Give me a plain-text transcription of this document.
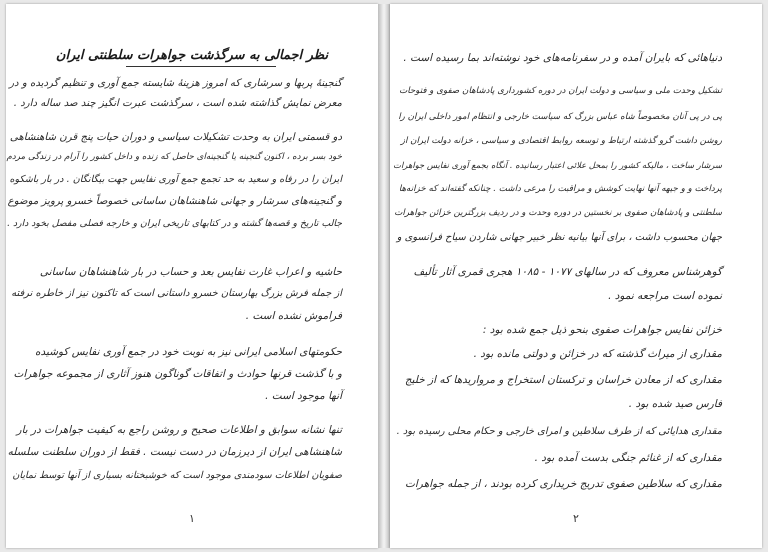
نظر اجمالی به سرگذشت جواهرات سلطنتی ایران
گنجینهٔ پربها و سرشاری که امروز هزینهٔ شایسته جمع آوری و تنظیم گردیده و در
معرض نمایش گذاشته شده است ، سرگذشت عبرت انگیز چند صد ساله دارد .
دو قسمتی ایران به وحدت تشکیلات سیاسی و دوران حیات پنج قرن شاهنشاهی
خود بسر برده ، اکنون گنجینه یا گنجینه‌ای حاصل که زنده و داخل کشور را آرام در زندگی مردم
ایران را در رفاه و سعید به حد تجمع جمع آوری نفایس جهت بیگانگان . در بار باشکوه
و گنجینه‌های سرشار و جهانی شاهنشاهان ساسانی خصوصاً خسرو پرویز موضوع
جالب تاریخ و قصه‌ها گشته و در کتابهای تاریخی ایران و خارجه فصلی مفصل بخود دارد .
حاشیه و اعراب غارت نفایس بعد و حساب در بار شاهنشاهان ساسانی
از جمله فرش بزرگ بهارستان خسرو داستانی است که تاکنون نیز از خاطره نرفته
فراموش نشده است .
حکومتهای اسلامی ایرانی نیز به نوبت خود در جمع آوری نفایس کوشیده
و با گذشت قرنها حوادث و اتفاقات گوناگون هنوز آثاری از مجموعه جواهرات
آنها موجود است .
تنها نشانه سوابق و اطلاعات صحیح و روشن راجع به کیفیت جواهرات در بار
شاهنشاهی ایران از دیرزمان در دست نیست . فقط از دوران سلطنت سلسله
صفویان اطلاعات سودمندی موجود است که خوشبختانه بسیاری از آنها توسط نمایان
۱
دنیاهائی که بایران آمده و در سفرنامه‌های خود نوشته‌اند بما رسیده است .
تشکیل وحدت ملی و سیاسی و دولت ایران در دوره کشورداری پادشاهان صفوی و فتوحات
پی در پی آنان مخصوصاً شاه عباس بزرگ که سیاست خارجی و انتظام امور داخلی ایران را
روشن داشت گرو گذشته ارتباط و توسعه روابط اقتصادی و سیاسی ، خزانه دولت ایران از
سرشار ساخت ، مالیکه کشور را بمحل علائی اعتبار رسانیده . آنگاه بجمع آوری نفایس جواهرات
پرداخت و و جیهه آنها نهایت کوشش و مراقبت را مرعی داشت . چنانکه گفته‌اند که خزانه‌ها
سلطنتی و پادشاهان صفوی بر نخستین در دوره وحدت و در ردیف بزرگترین خزائن جواهرات
جهان محسوب داشت ، برای آنها بیانیه نظر خبیر جهانی شاردن سیاح فرانسوی و
گوهرشناس معروف که در سالهای ۱۰۷۷ - ۱۰۸۵ هجری قمری آثار تألیف
نموده است مراجعه نمود .
خزائن نفایس جواهرات صفوی بنحو ذیل جمع شده بود :
مقداری از میراث گذشته که در خزائن و دولتی مانده بود .
مقداری که از معادن خراسان و ترکستان استخراج و مرواریدها که از خلیج
فارس صید شده بود .
مقداری هدایائی که از طرف سلاطین و امرای خارجی و حکام محلی رسیده بود .
مقداری که از غنائم جنگی بدست آمده بود .
مقداری که سلاطین صفوی تدریج خریداری کرده بودند ، از جمله جواهرات
۲
